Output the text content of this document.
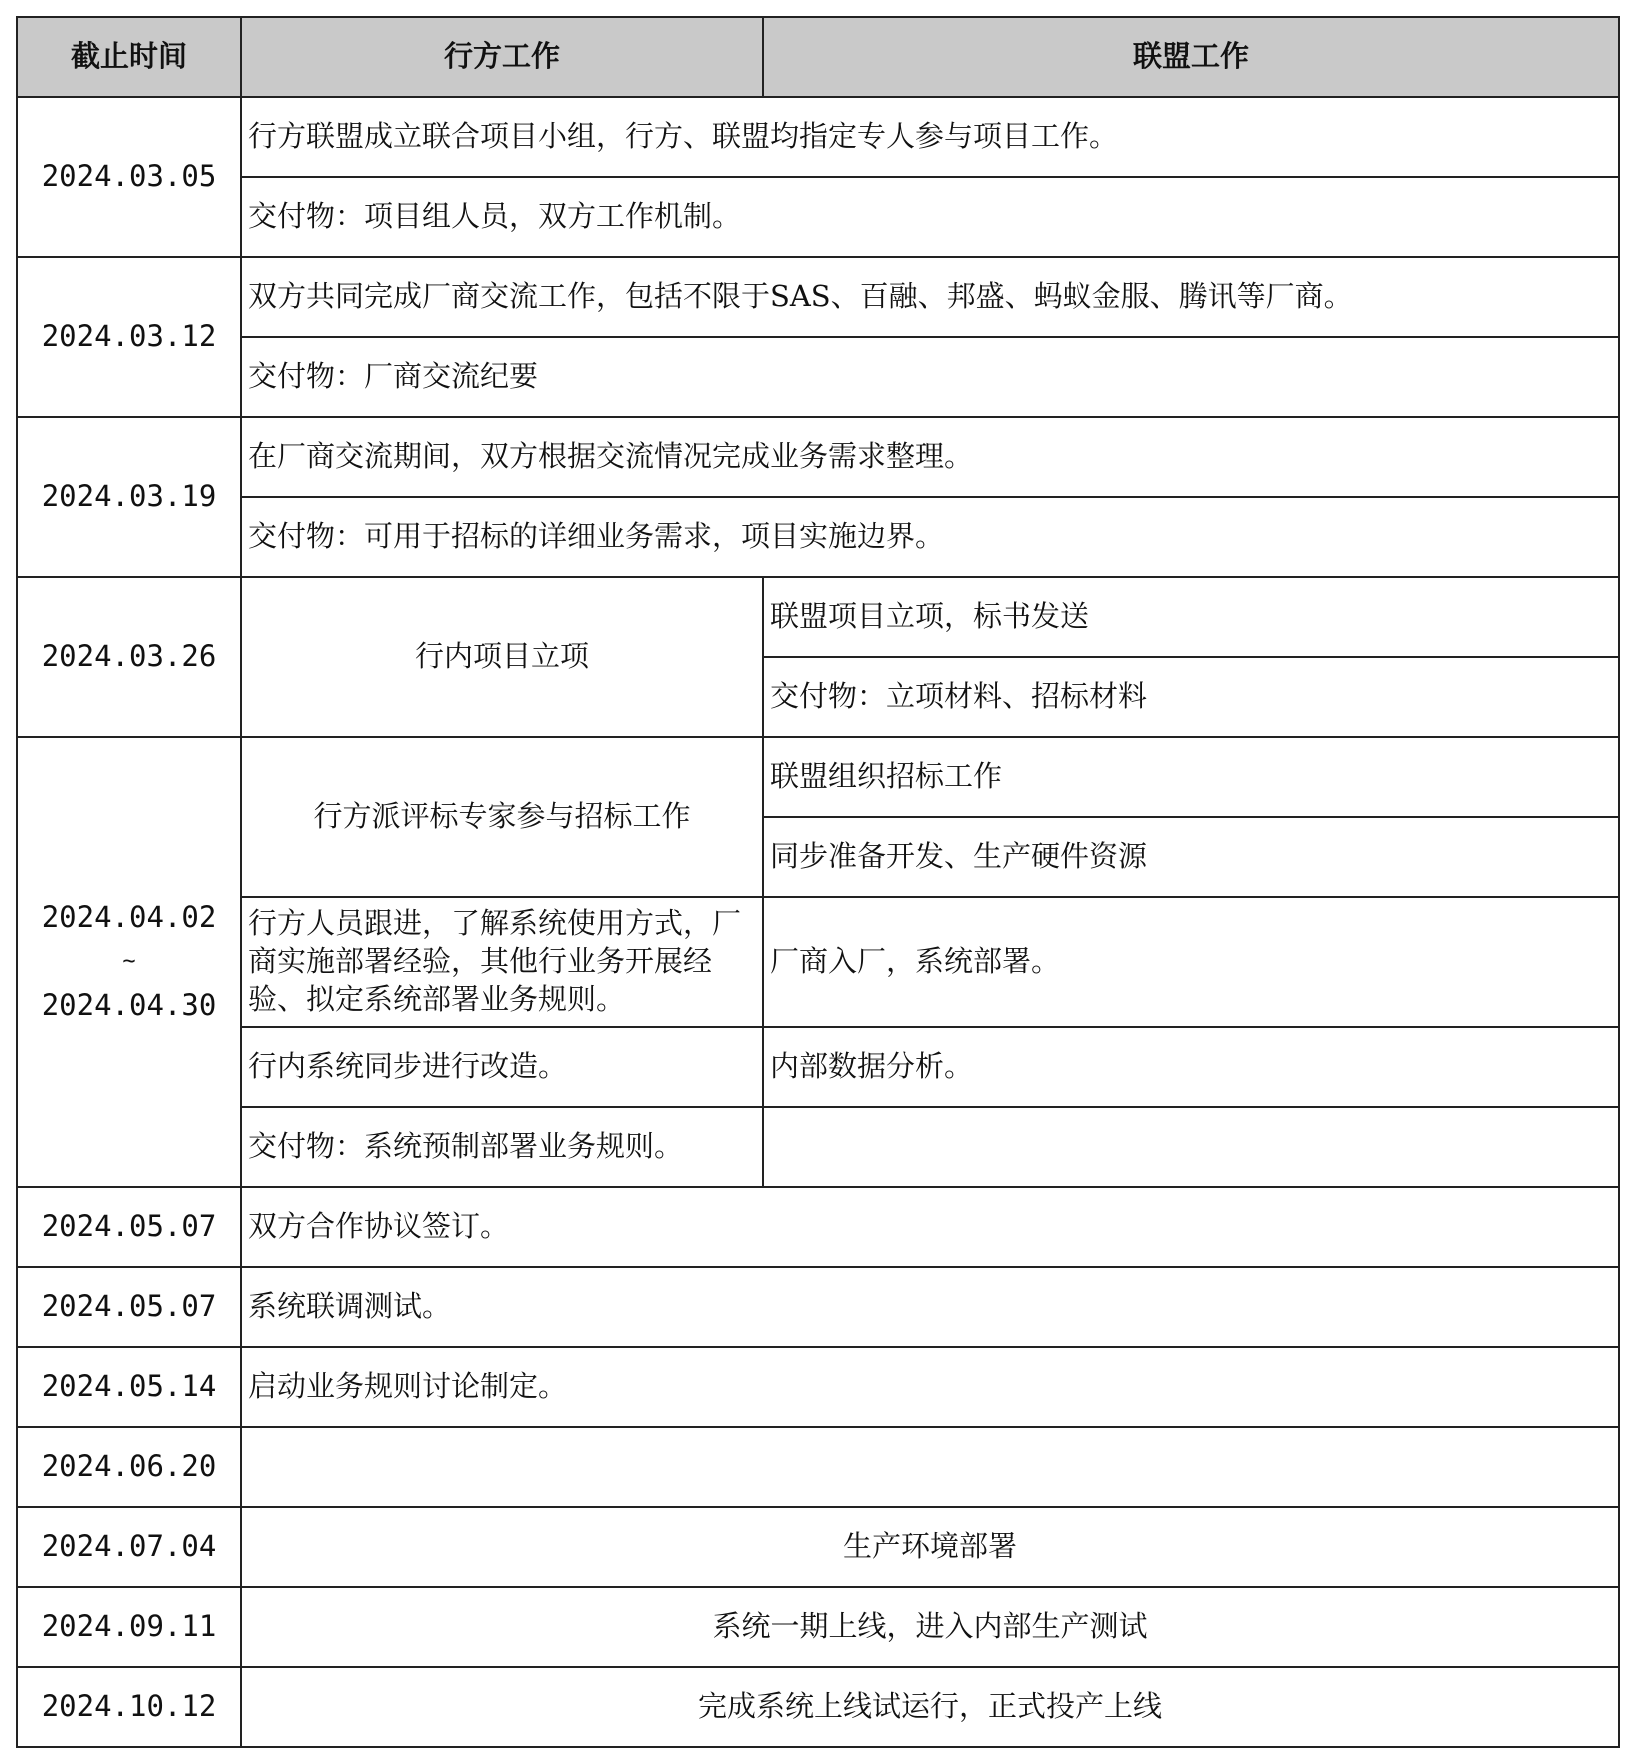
截止时间	行方工作	联盟工作
2024.03.05	行方联盟成立联合项目小组，行方、联盟均指定专人参与项目工作。	
	交付物：项目组人员，双方工作机制。	
2024.03.12	双方共同完成厂商交流工作，包括不限于SAS、百融、邦盛、蚂蚁金服、腾讯等厂商。	
	交付物：厂商交流纪要	
2024.03.19	在厂商交流期间，双方根据交流情况完成业务需求整理。	
	交付物：可用于招标的详细业务需求，项目实施边界。	
2024.03.26	行内项目立项	联盟项目立项，标书发送
		交付物：立项材料、招标材料

2024.04.02
~
2024.04.30	行方派评标专家参与招标工作	联盟组织招标工作
		同步准备开发、生产硬件资源
	行方人员跟进，了解系统使用方式，厂商实施部署经验，其他行业务开展经验、拟定系统部署业务规则。	厂商入厂，系统部署。
	行内系统同步进行改造。	内部数据分析。
	交付物：系统预制部署业务规则。	

2024.05.07	双方合作协议签订。	
2024.05.07	系统联调测试。	
2024.05.14	启动业务规则讨论制定。	
2024.06.20		
2024.07.04	生产环境部署	
2024.09.11	系统一期上线，进入内部生产测试	
2024.10.12	完成系统上线试运行，正式投产上线	
